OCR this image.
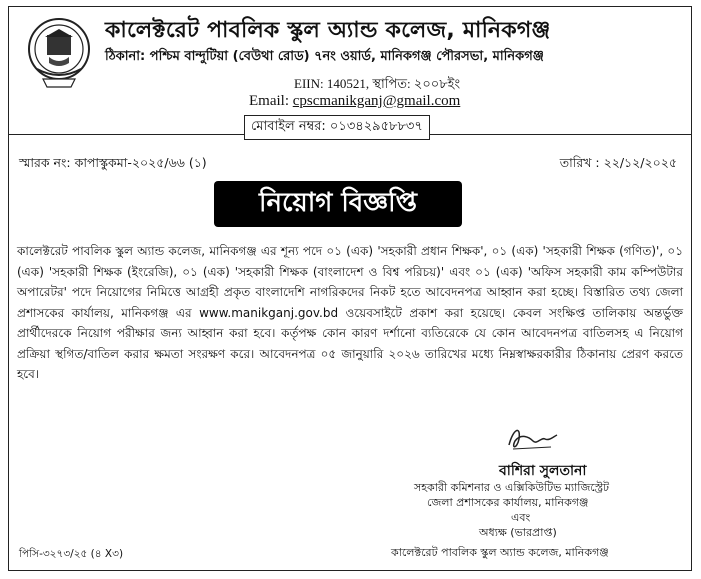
কালেক্টরেট পাবলিক স্কুল অ্যান্ড কলেজ, মানিকগঞ্জ
ঠিকানা: পশ্চিম বান্দুটিয়া (বেউথা রোড) ৭নং ওয়ার্ড, মানিকগঞ্জ পৌরসভা, মানিকগঞ্জ
EIIN: 140521, স্থাপিত: ২০০৮ইং
Email: cpscmanikganj@gmail.com
মোবাইল নম্বর: ০১৩৪২৯৫৮৮৩৭
স্মারক নং: কাপাস্কুকমা-২০২৫/৬৬ (১)	তারিখ : ২২/১২/২০২৫
নিয়োগ বিজ্ঞপ্তি
কালেক্টরেট পাবলিক স্কুল অ্যান্ড কলেজ, মানিকগঞ্জ এর শূন্য পদে ০১ (এক) 'সহকারী প্রধান শিক্ষক', ০১ (এক) 'সহকারী শিক্ষক (গণিত)', ০১ (এক) 'সহকারী শিক্ষক (ইংরেজি), ০১ (এক) 'সহকারী শিক্ষক (বাংলাদেশ ও বিশ্ব পরিচয়)' এবং ০১ (এক) 'অফিস সহকারী কাম কম্পিউটার অপারেটর' পদে নিয়োগের নিমিত্তে আগ্রহী প্রকৃত বাংলাদেশি নাগরিকদের নিকট হতে আবেদনপত্র আহ্বান করা হচ্ছে। বিস্তারিত তথ্য জেলা প্রশাসকের কার্যালয়, মানিকগঞ্জ এর www.manikganj.gov.bd ওয়েবসাইটে প্রকাশ করা হয়েছে। কেবল সংক্ষিপ্ত তালিকায় অন্তর্ভুক্ত প্রার্থীদেরকে নিয়োগ পরীক্ষার জন্য আহ্বান করা হবে। কর্তৃপক্ষ কোন কারণ দর্শানো ব্যতিরেকে যে কোন আবেদনপত্র বাতিলসহ এ নিয়োগ প্রক্রিয়া স্থগিত/বাতিল করার ক্ষমতা সংরক্ষণ করে। আবেদনপত্র ০৫ জানুয়ারি ২০২৬ তারিখের মধ্যে নিম্নস্বাক্ষরকারীর ঠিকানায় প্রেরণ করতে হবে।
বাশিরা সুলতানা
সহকারী কমিশনার ও এক্সিকিউটিভ ম্যাজিস্ট্রেট
জেলা প্রশাসকের কার্যালয়, মানিকগঞ্জ
এবং
অধ্যক্ষ (ভারপ্রাপ্ত)
কালেক্টরেট পাবলিক স্কুল অ্যান্ড কলেজ, মানিকগঞ্জ
পিসি-৩২৭৩/২৫ (৪ X৩)
